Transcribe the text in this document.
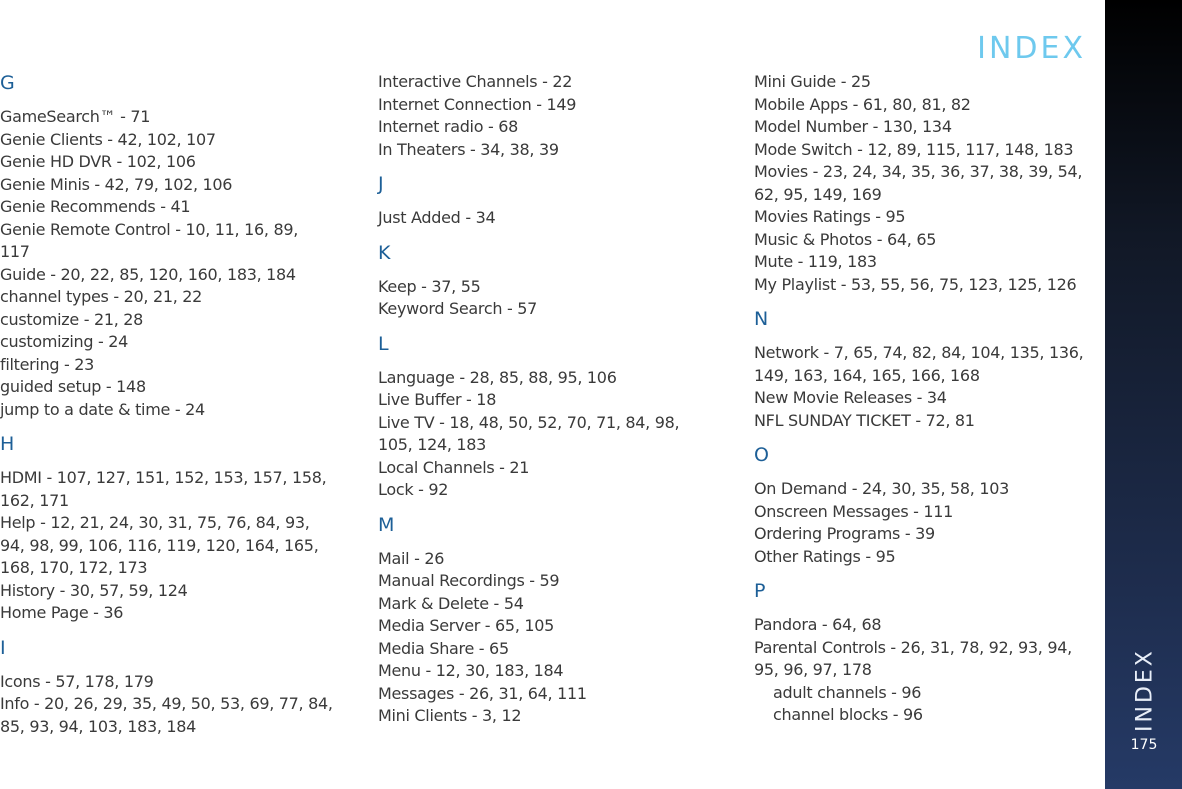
INDEX
G
GameSearch™ - 71
Genie Clients - 42, 102, 107
Genie HD DVR - 102, 106
Genie Minis - 42, 79, 102, 106
Genie Recommends - 41
Genie Remote Control - 10, 11, 16, 89,
117
Guide - 20, 22, 85, 120, 160, 183, 184
channel types - 20, 21, 22
customize - 21, 28
customizing - 24
filtering - 23
guided setup - 148
jump to a date & time - 24
H
HDMI - 107, 127, 151, 152, 153, 157, 158,
162, 171
Help - 12, 21, 24, 30, 31, 75, 76, 84, 93,
94, 98, 99, 106, 116, 119, 120, 164, 165,
168, 170, 172, 173
History - 30, 57, 59, 124
Home Page - 36
I
Icons - 57, 178, 179
Info - 20, 26, 29, 35, 49, 50, 53, 69, 77, 84,
85, 93, 94, 103, 183, 184
Interactive Channels - 22
Internet Connection - 149
Internet radio - 68
In Theaters - 34, 38, 39
J
Just Added - 34
K
Keep - 37, 55
Keyword Search - 57
L
Language - 28, 85, 88, 95, 106
Live Buffer - 18
Live TV - 18, 48, 50, 52, 70, 71, 84, 98,
105, 124, 183
Local Channels - 21
Lock - 92
M
Mail - 26
Manual Recordings - 59
Mark & Delete - 54
Media Server - 65, 105
Media Share - 65
Menu - 12, 30, 183, 184
Messages - 26, 31, 64, 111
Mini Clients - 3, 12
Mini Guide - 25
Mobile Apps - 61, 80, 81, 82
Model Number - 130, 134
Mode Switch - 12, 89, 115, 117, 148, 183
Movies - 23, 24, 34, 35, 36, 37, 38, 39, 54,
62, 95, 149, 169
Movies Ratings - 95
Music & Photos - 64, 65
Mute - 119, 183
My Playlist - 53, 55, 56, 75, 123, 125, 126
N
Network - 7, 65, 74, 82, 84, 104, 135, 136,
149, 163, 164, 165, 166, 168
New Movie Releases - 34
NFL SUNDAY TICKET - 72, 81
O
On Demand - 24, 30, 35, 58, 103
Onscreen Messages - 111
Ordering Programs - 39
Other Ratings - 95
P
Pandora - 64, 68
Parental Controls - 26, 31, 78, 92, 93, 94,
95, 96, 97, 178
adult channels - 96
channel blocks - 96	INDEX
175
